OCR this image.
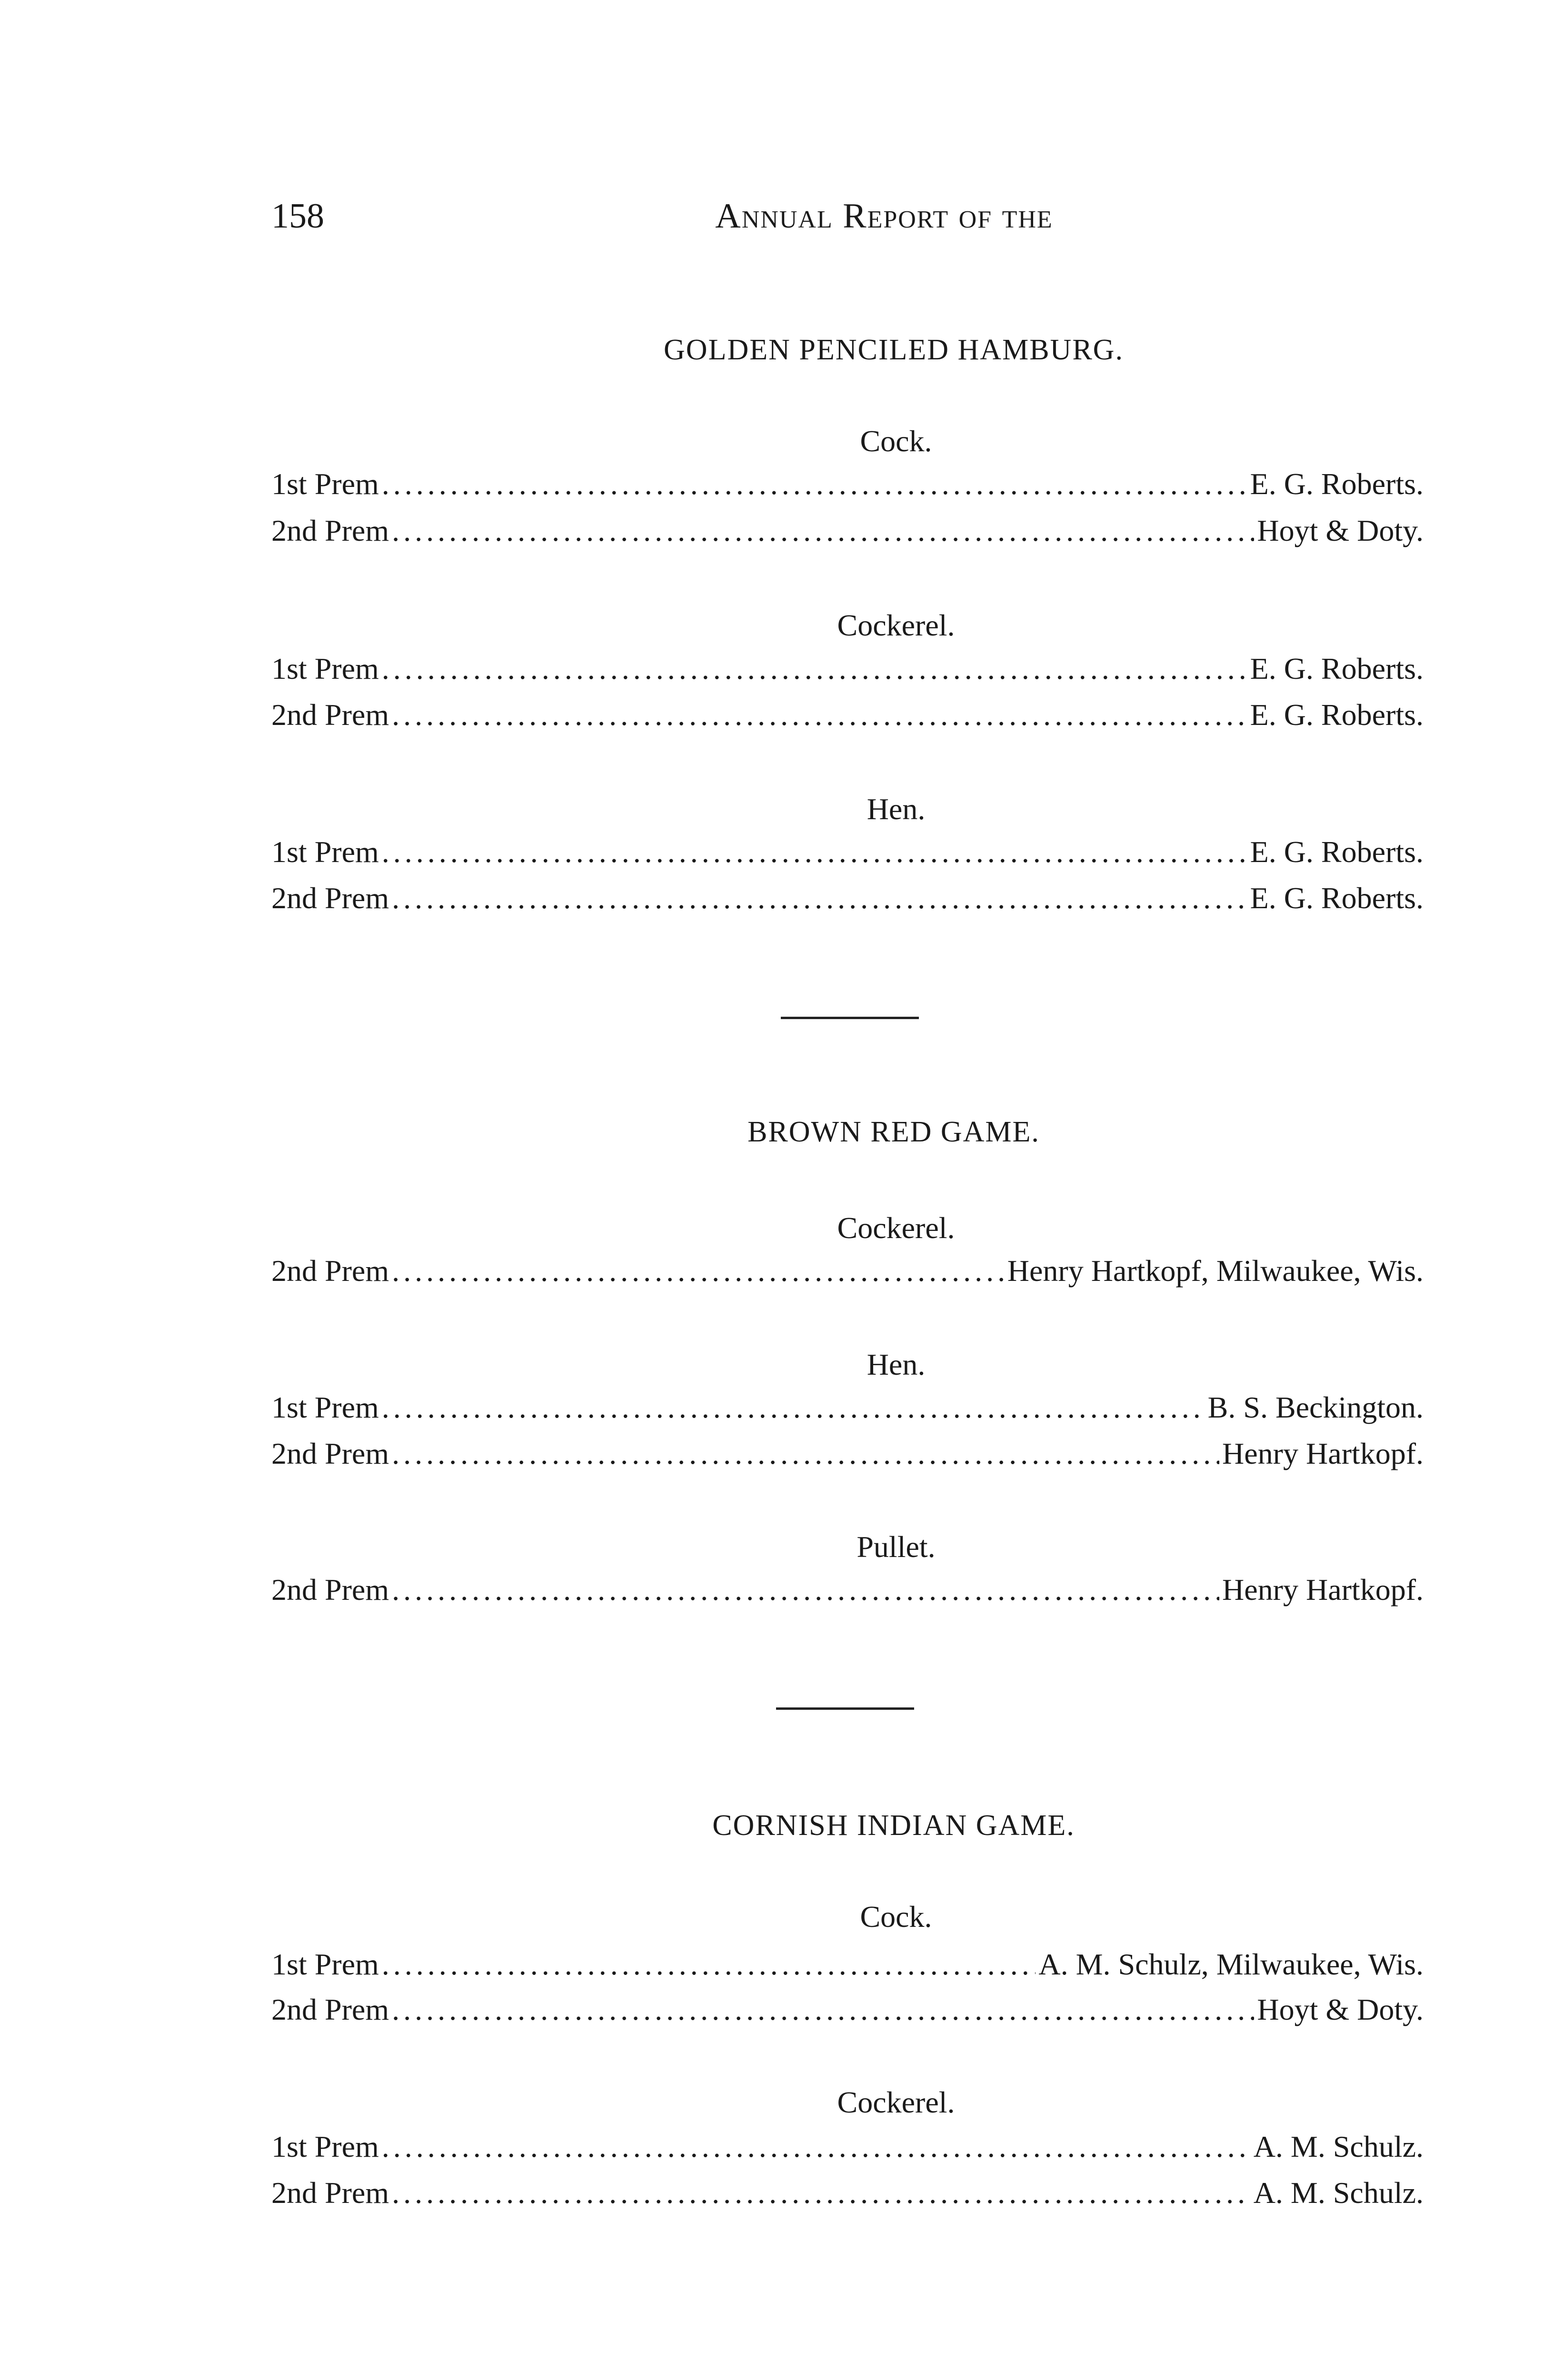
158	Annual Report of the
GOLDEN PENCILED HAMBURG.
Cock.
1st Prem .....	E. G. Roberts.
2nd Prem .....	Hoyt & Doty.
Cockerel.
1st Prem .....	E. G. Roberts.
2nd Prem .....	E. G. Roberts.
Hen.
1st Prem .....	E. G. Roberts.
2nd Prem .....	E. G. Roberts.
BROWN RED GAME.
Cockerel.
2nd Prem .....	Henry Hartkopf, Milwaukee, Wis.
Hen.
1st Prem .....	B. S. Beckington.
2nd Prem .....	Henry Hartkopf.
Pullet.
2nd Prem .....	Henry Hartkopf.
CORNISH INDIAN GAME.
Cock.
1st Prem .....	A. M. Schulz, Milwaukee, Wis.
2nd Prem .....	Hoyt & Doty.
Cockerel.
1st Prem .....	A. M. Schulz.
2nd Prem .....	A. M. Schulz.
